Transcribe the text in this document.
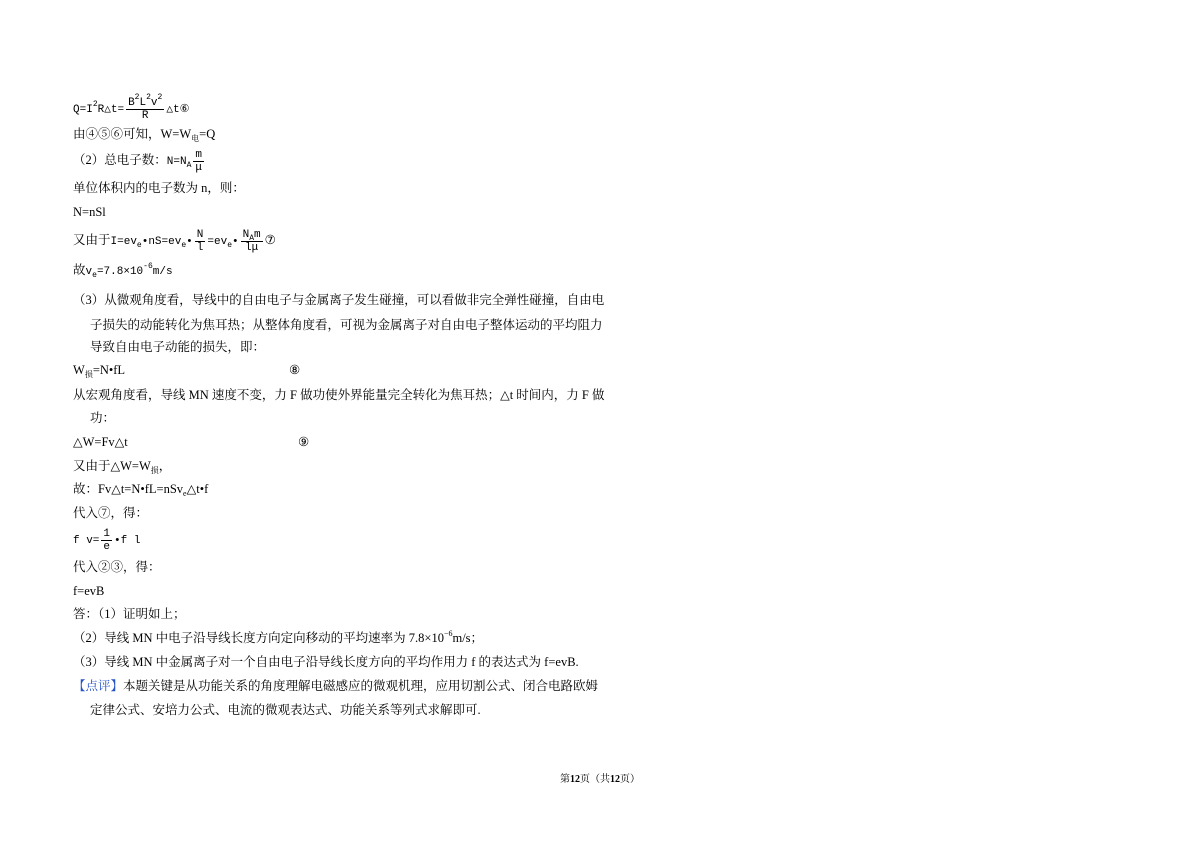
$Q=I^2R\triangle t= \frac{B^2L^2v^2}{R}$ △t⑥
由④⑤⑥可知，$W=W_电=Q$
（2）总电子数：$N=N_A \frac{m}{\mu}$
单位体积内的电子数为 n，则：
N=nSl
又由于$I=ev_e•nS=ev_e• \frac{N}{l}$ $=ev_e• \frac{N_Am}{l\mu}$ ⑦
故$v_e=7.8\times 10^{-6}m/s$
（3）从微观角度看，导线中的自由电子与金属离子发生碰撞，可以看做非完全弹性碰撞，自由电
子损失的动能转化为焦耳热；从整体角度看，可视为金属离子对自由电子整体运动的平均阻力
导致自由电子动能的损失，即：
$W_损=N•fL$	⑧
从宏观角度看，导线 MN 速度不变，力 F 做功使外界能量完全转化为焦耳热；△t 时间内，力 F 做
功：
△W=Fv△t	⑨
又由于$\triangle W=W_损$，
故：Fv△t=N•fL=nSv$_e$△t•f
代入⑦，得：
f $v= \frac{1}{e}$ •f l
代入②③，得：
f=evB
答：（1）证明如上；
（2）导线 MN 中电子沿导线长度方向定向移动的平均速率为 $7.8\times 10^{-6}m/s$；
（3）导线 MN 中金属离子对一个自由电子沿导线长度方向的平均作用力 f 的表达式为 f=evB.
【点评】本题关键是从功能关系的角度理解电磁感应的微观机理，应用切割公式、闭合电路欧姆
定律公式、安培力公式、电流的微观表达式、功能关系等列式求解即可.
第12页（共12页）
